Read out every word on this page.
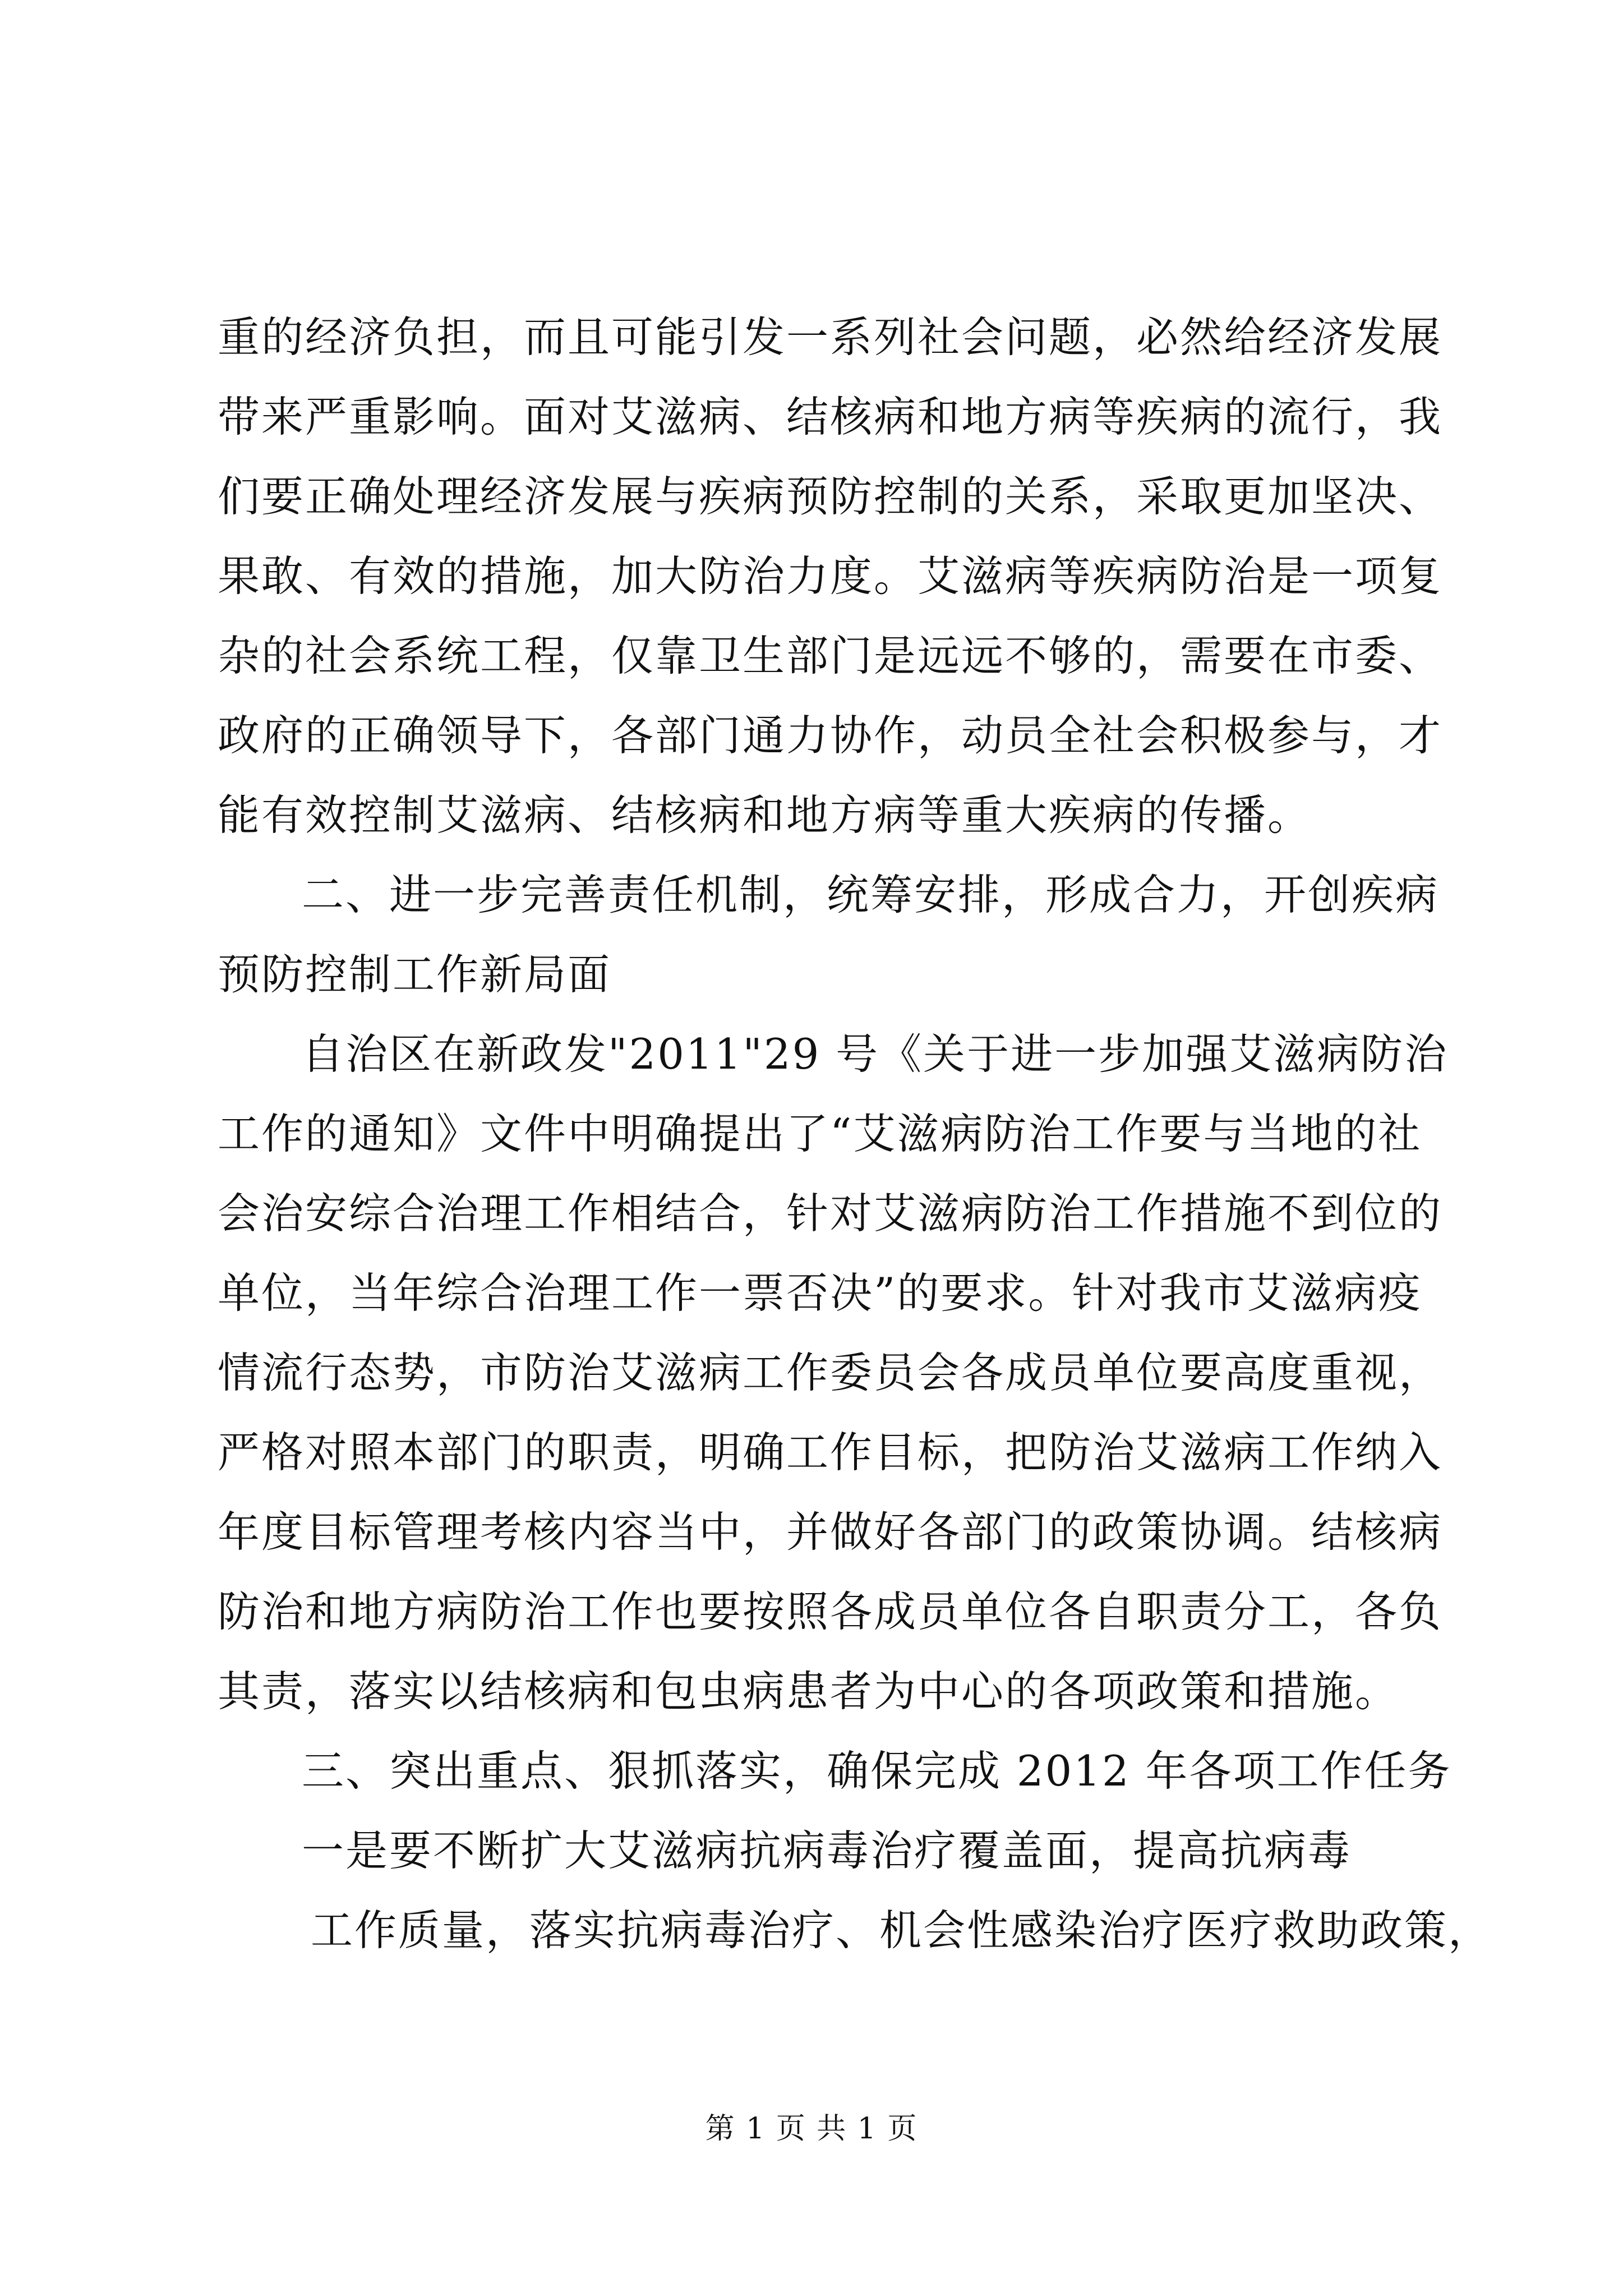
重的经济负担，而且可能引发一系列社会问题，必然给经济发展
带来严重影响。面对艾滋病、结核病和地方病等疾病的流行，我
们要正确处理经济发展与疾病预防控制的关系，采取更加坚决、
果敢、有效的措施，加大防治力度。艾滋病等疾病防治是一项复
杂的社会系统工程，仅靠卫生部门是远远不够的，需要在市委、
政府的正确领导下，各部门通力协作，动员全社会积极参与，才
能有效控制艾滋病、结核病和地方病等重大疾病的传播。
二、进一步完善责任机制，统筹安排，形成合力，开创疾病
预防控制工作新局面
自治区在新政发"2011"29 号《关于进一步加强艾滋病防治
工作的通知》文件中明确提出了“艾滋病防治工作要与当地的社
会治安综合治理工作相结合，针对艾滋病防治工作措施不到位的
单位，当年综合治理工作一票否决”的要求。针对我市艾滋病疫
情流行态势，市防治艾滋病工作委员会各成员单位要高度重视，
严格对照本部门的职责，明确工作目标，把防治艾滋病工作纳入
年度目标管理考核内容当中，并做好各部门的政策协调。结核病
防治和地方病防治工作也要按照各成员单位各自职责分工，各负
其责，落实以结核病和包虫病患者为中心的各项政策和措施。
三、突出重点、狠抓落实，确保完成 2012 年各项工作任务
一是要不断扩大艾滋病抗病毒治疗覆盖面，提高抗病毒
工作质量，落实抗病毒治疗、机会性感染治疗医疗救助政策，
第 1 页 共 1 页
